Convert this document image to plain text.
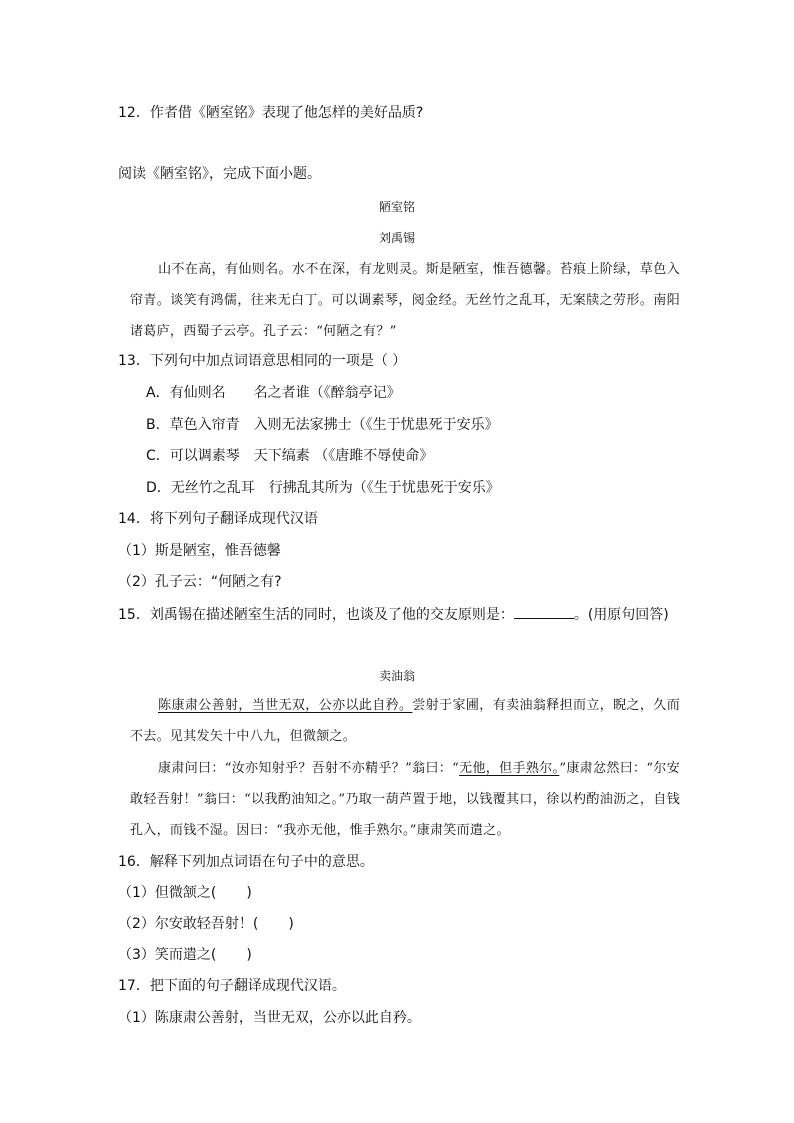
12．作者借《陋室铭》表现了他怎样的美好品质?
阅读《陋室铭》，完成下面小题。
陋室铭
刘禹锡
山不在高，有仙则名。水不在深，有龙则灵。斯是陋室，惟吾德馨。苔痕上阶绿，草色入帘青。谈笑有鸿儒，往来无白丁。可以调素琴，阅金经。无丝竹之乱耳，无案牍之劳形。南阳诸葛庐，西蜀子云亭。孔子云：“何陋之有？”
13．下列句中加点词语意思相同的一项是（ ）
A．有仙则名　　名之者谁（《醉翁亭记》
B．草色入帘青　入则无法家拂士（《生于忧患死于安乐》
C．可以调素琴　天下缟素 （《唐雎不辱使命》
D．无丝竹之乱耳　行拂乱其所为（《生于忧患死于安乐》
14．将下列句子翻译成现代汉语
（1）斯是陋室，惟吾德馨
（2）孔子云：“何陋之有?
15．刘禹锡在描述陋室生活的同时，也谈及了他的交友原则是：	。(用原句回答)
卖油翁
陈康肃公善射，当世无双，公亦以此自矜。尝射于家圃，有卖油翁释担而立，睨之，久而不去。见其发矢十中八九，但微颔之。
康肃问曰：“汝亦知射乎？吾射不亦精乎？”翁曰：“无他，但手熟尔。”康肃忿然曰：“尔安敢轻吾射！”翁曰：“以我酌油知之。”乃取一葫芦置于地，以钱覆其口，徐以杓酌油沥之，自钱孔入，而钱不湿。因曰：“我亦无他，惟手熟尔。”康肃笑而遣之。
16．解释下列加点词语在句子中的意思。
（1）但微颔之( )
（2）尔安敢轻吾射！( )
（3）笑而遣之( )
17．把下面的句子翻译成现代汉语。
（1）陈康肃公善射，当世无双，公亦以此自矜。
